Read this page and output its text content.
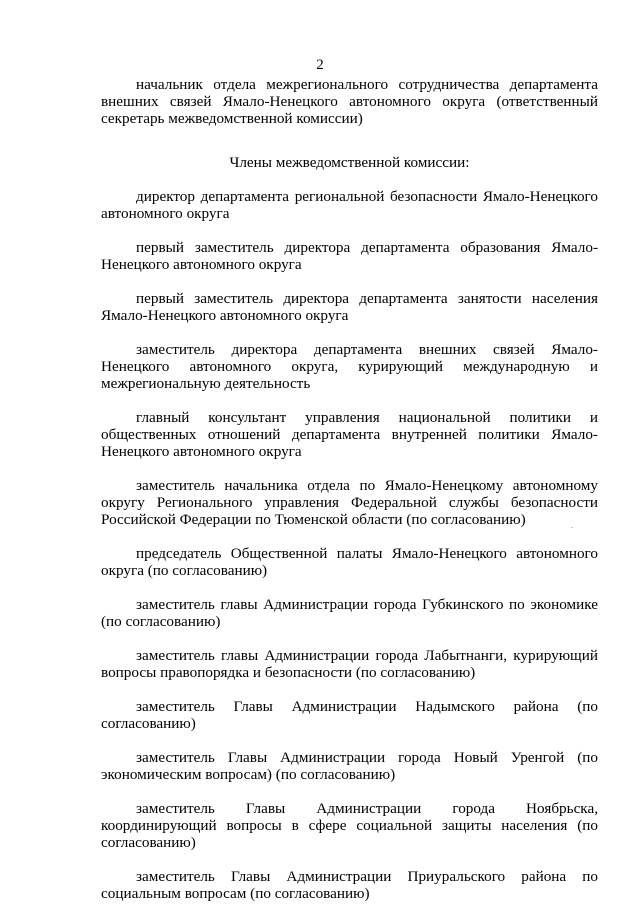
2

начальник отдела межрегионального сотрудничества департамента внешних связей Ямало-Ненецкого автономного округа (ответственный секретарь межведомственной комиссии)

Члены межведомственной комиссии:

директор департамента региональной безопасности Ямало-Ненецкого автономного округа

первый заместитель директора департамента образования Ямало-Ненецкого автономного округа

первый заместитель директора департамента занятости населения Ямало-Ненецкого автономного округа

заместитель директора департамента внешних связей Ямало-Ненецкого автономного округа, курирующий международную и межрегиональную деятельность

главный консультант управления национальной политики и общественных отношений департамента внутренней политики Ямало-Ненецкого автономного округа

заместитель начальника отдела по Ямало-Ненецкому автономному округу Регионального управления Федеральной службы безопасности Российской Федерации по Тюменской области (по согласованию)

председатель Общественной палаты Ямало-Ненецкого автономного округа (по согласованию)

заместитель главы Администрации города Губкинского по экономике (по согласованию)

заместитель главы Администрации города Лабытнанги, курирующий вопросы правопорядка и безопасности (по согласованию)

заместитель Главы Администрации Надымского района (по согласованию)

заместитель Главы Администрации города Новый Уренгой (по экономическим вопросам) (по согласованию)

заместитель Главы Администрации города Ноябрьска, координирующий вопросы в сфере социальной защиты населения (по согласованию)

заместитель Главы Администрации Приуральского района по социальным вопросам (по согласованию)
